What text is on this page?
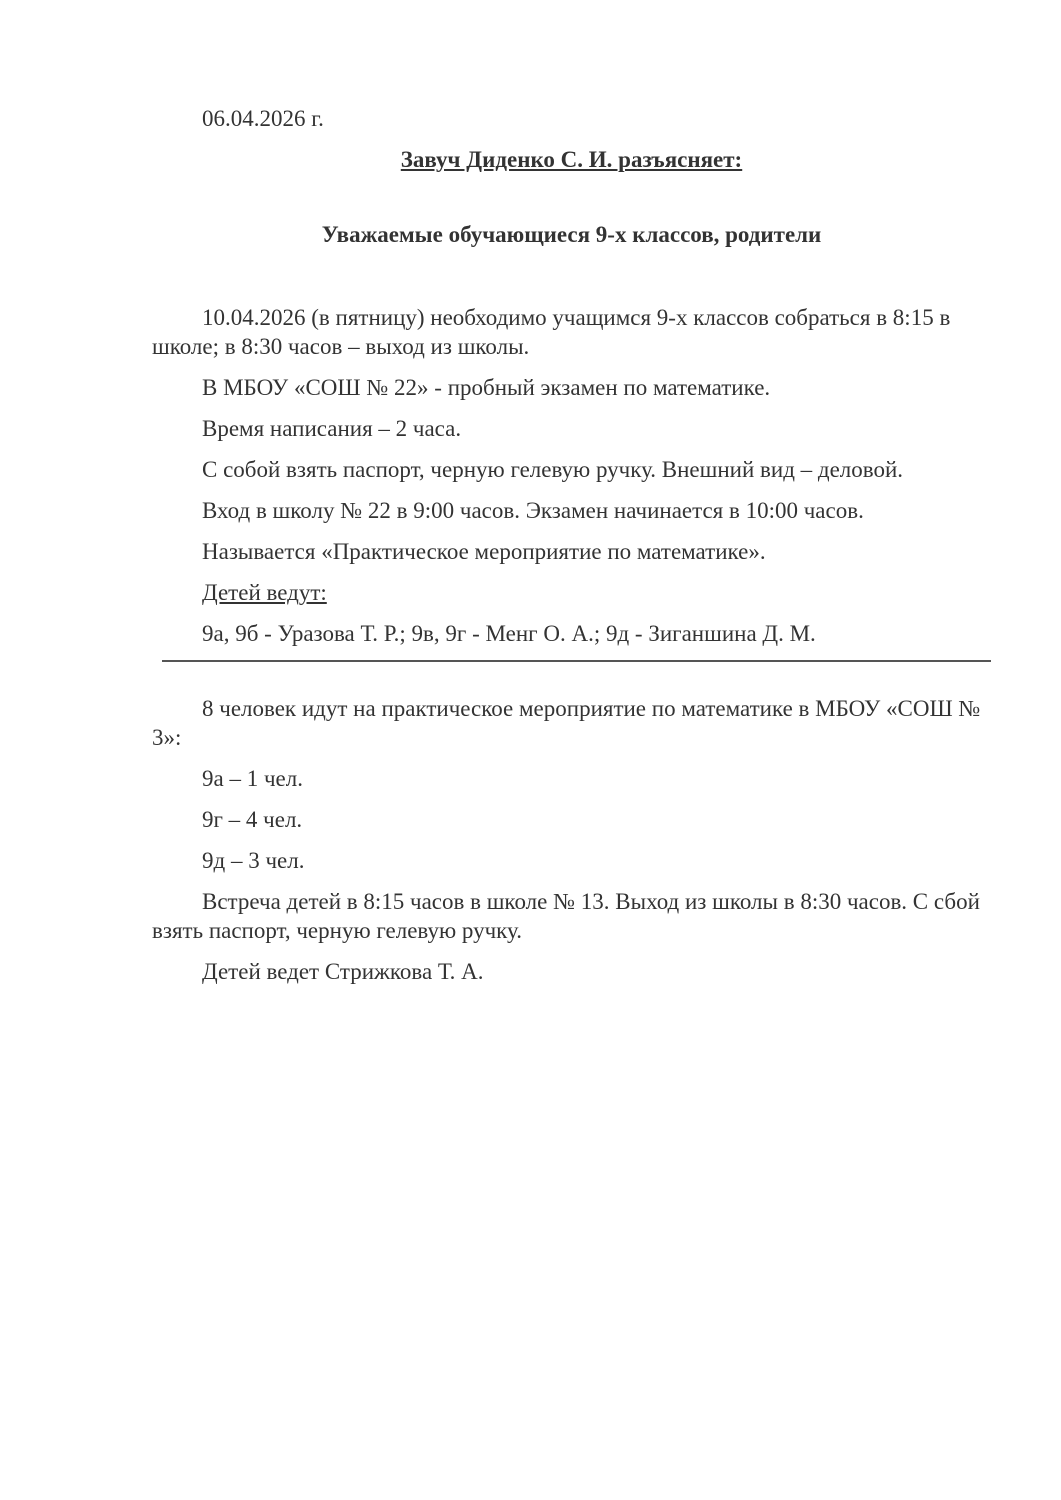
06.04.2026 г.

Завуч Диденко С. И. разъясняет:

Уважаемые обучающиеся 9-х классов, родители

10.04.2026 (в пятницу) необходимо учащимся 9-х классов собраться в 8:15 в школе; в 8:30 часов – выход из школы.

В МБОУ «СОШ № 22» - пробный экзамен по математике.

Время написания – 2 часа.

С собой взять паспорт, черную гелевую ручку. Внешний вид – деловой.

Вход в школу № 22 в 9:00 часов. Экзамен начинается в 10:00 часов.

Называется «Практическое мероприятие по математике».

Детей ведут:

9а, 9б - Уразова Т. Р.; 9в, 9г - Менг О. А.; 9д - Зиганшина Д. М.

8 человек идут на практическое мероприятие по математике в МБОУ «СОШ № 3»:

9а – 1 чел.

9г – 4 чел.

9д – 3 чел.

Встреча детей в 8:15 часов в школе № 13. Выход из школы в 8:30 часов. С сбой взять паспорт, черную гелевую ручку.

Детей ведет Стрижкова Т. А.
